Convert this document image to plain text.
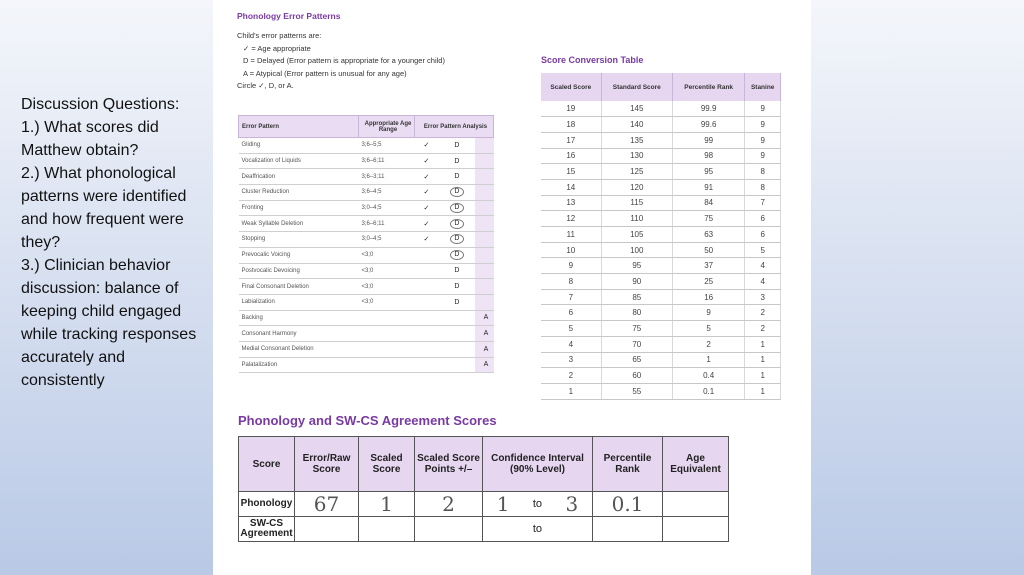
Discussion Questions:
1.) What scores did Matthew obtain?
2.) What phonological patterns were identified and how frequent were they?
3.) Clinician behavior discussion: balance of keeping child engaged while tracking responses accurately and consistently
Phonology Error Patterns
Child's error patterns are:
✓ = Age appropriate
D = Delayed (Error pattern is appropriate for a younger child)
A = Atypical (Error pattern is unusual for any age)
Circle ✓, D, or A.
Error Pattern	Appropriate Age Range	Error Pattern Analysis		
Gliding	3;6–5;5	✓	D	
Vocalization of Liquids	3;6–6;11	✓	D	
Deaffrication	3;6–3;11	✓	D	
Cluster Reduction	3;6–4;5	✓	D	
Fronting	3;0–4;5	✓	D	
Weak Syllable Deletion	3;6–6;11	✓	D	
Stopping	3;0–4;5	✓	D	
Prevocalic Voicing	<3;0		D	
Postvocalic Devoicing	<3;0		D	
Final Consonant Deletion	<3;0		D	
Labialization	<3;0		D	
Backing				A
Consonant Harmony				A
Medial Consonant Deletion				A
Palatalization				A
Score Conversion Table
Scaled Score	Standard Score	Percentile Rank	Stanine
19	145	99.9	9
18	140	99.6	9
17	135	99	9
16	130	98	9
15	125	95	8
14	120	91	8
13	115	84	7
12	110	75	6
11	105	63	6
10	100	50	5
9	95	37	4
8	90	25	4
7	85	16	3
6	80	9	2
5	75	5	2
4	70	2	1
3	65	1	1
2	60	0.4	1
1	55	0.1	1
Phonology and SW-CS Agreement Scores
Score	Error/Raw Score	Scaled Score	Scaled Score Points +/–	Confidence Interval (90% Level)			Percentile Rank	Age Equivalent
Phonology	67	1	2	1	to	3	0.1	
SW-CS Agreement					to			
